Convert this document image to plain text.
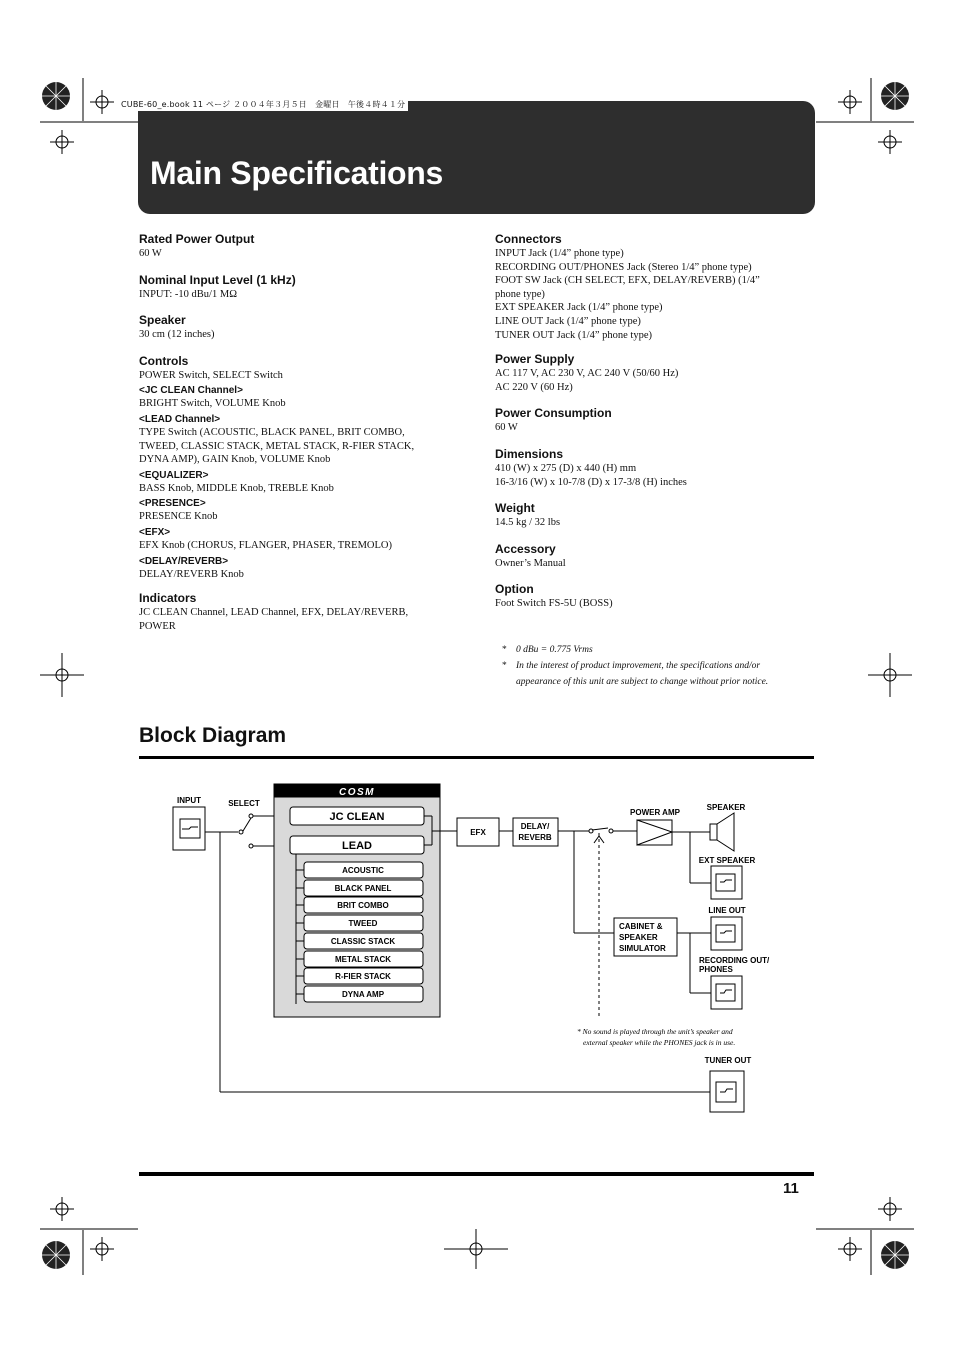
CUBE-60_e.book 11 ページ ２００４年３月５日　金曜日　午後４時４１分
Main Specifications
Rated Power Output
60 W
Nominal Input Level (1 kHz)
INPUT: -10 dBu/1 MΩ
Speaker
30 cm (12 inches)
Controls
POWER Switch, SELECT Switch
<JC CLEAN Channel>
BRIGHT Switch, VOLUME Knob
<LEAD Channel>
TYPE Switch (ACOUSTIC, BLACK PANEL, BRIT COMBO,
TWEED, CLASSIC STACK, METAL STACK, R-FIER STACK,
DYNA AMP), GAIN Knob, VOLUME Knob
<EQUALIZER>
BASS Knob, MIDDLE Knob, TREBLE Knob
<PRESENCE>
PRESENCE Knob
<EFX>
EFX Knob (CHORUS, FLANGER, PHASER, TREMOLO)
<DELAY/REVERB>
DELAY/REVERB Knob
Indicators
JC CLEAN Channel, LEAD Channel, EFX, DELAY/REVERB,
POWER
Connectors
INPUT Jack (1/4” phone type)
RECORDING OUT/PHONES Jack (Stereo 1/4” phone type)
FOOT SW Jack (CH SELECT, EFX, DELAY/REVERB) (1/4”
phone type)
EXT SPEAKER Jack (1/4” phone type)
LINE OUT Jack (1/4” phone type)
TUNER OUT Jack (1/4” phone type)
Power Supply
AC 117 V, AC 230 V, AC 240 V (50/60 Hz)
AC 220 V (60 Hz)
Power Consumption
60 W
Dimensions
410 (W) x 275 (D) x 440 (H) mm
16-3/16 (W) x 10-7/8 (D) x 17-3/8 (H) inches
Weight
14.5 kg / 32 lbs
Accessory
Owner’s Manual
Option
Foot Switch FS-5U (BOSS)
* 0 dBu = 0.775 Vrms
* In the interest of product improvement, the specifications and/or
appearance of this unit are subject to change without prior notice.
Block Diagram
INPUT	SELECT
COSM
JC CLEAN
LEAD
EFX
DELAY/
REVERB
POWER AMP
SPEAKER
EXT SPEAKER
LINE OUT
RECORDING OUT/
PHONES
CABINET &
SPEAKER
SIMULATOR
* No sound is played through the unit’s speaker and
external speaker while the PHONES jack is in use.
TUNER OUT
ACOUSTIC
BLACK PANEL
BRIT COMBO
TWEED
CLASSIC STACK
METAL STACK
R-FIER STACK
DYNA AMP
11
